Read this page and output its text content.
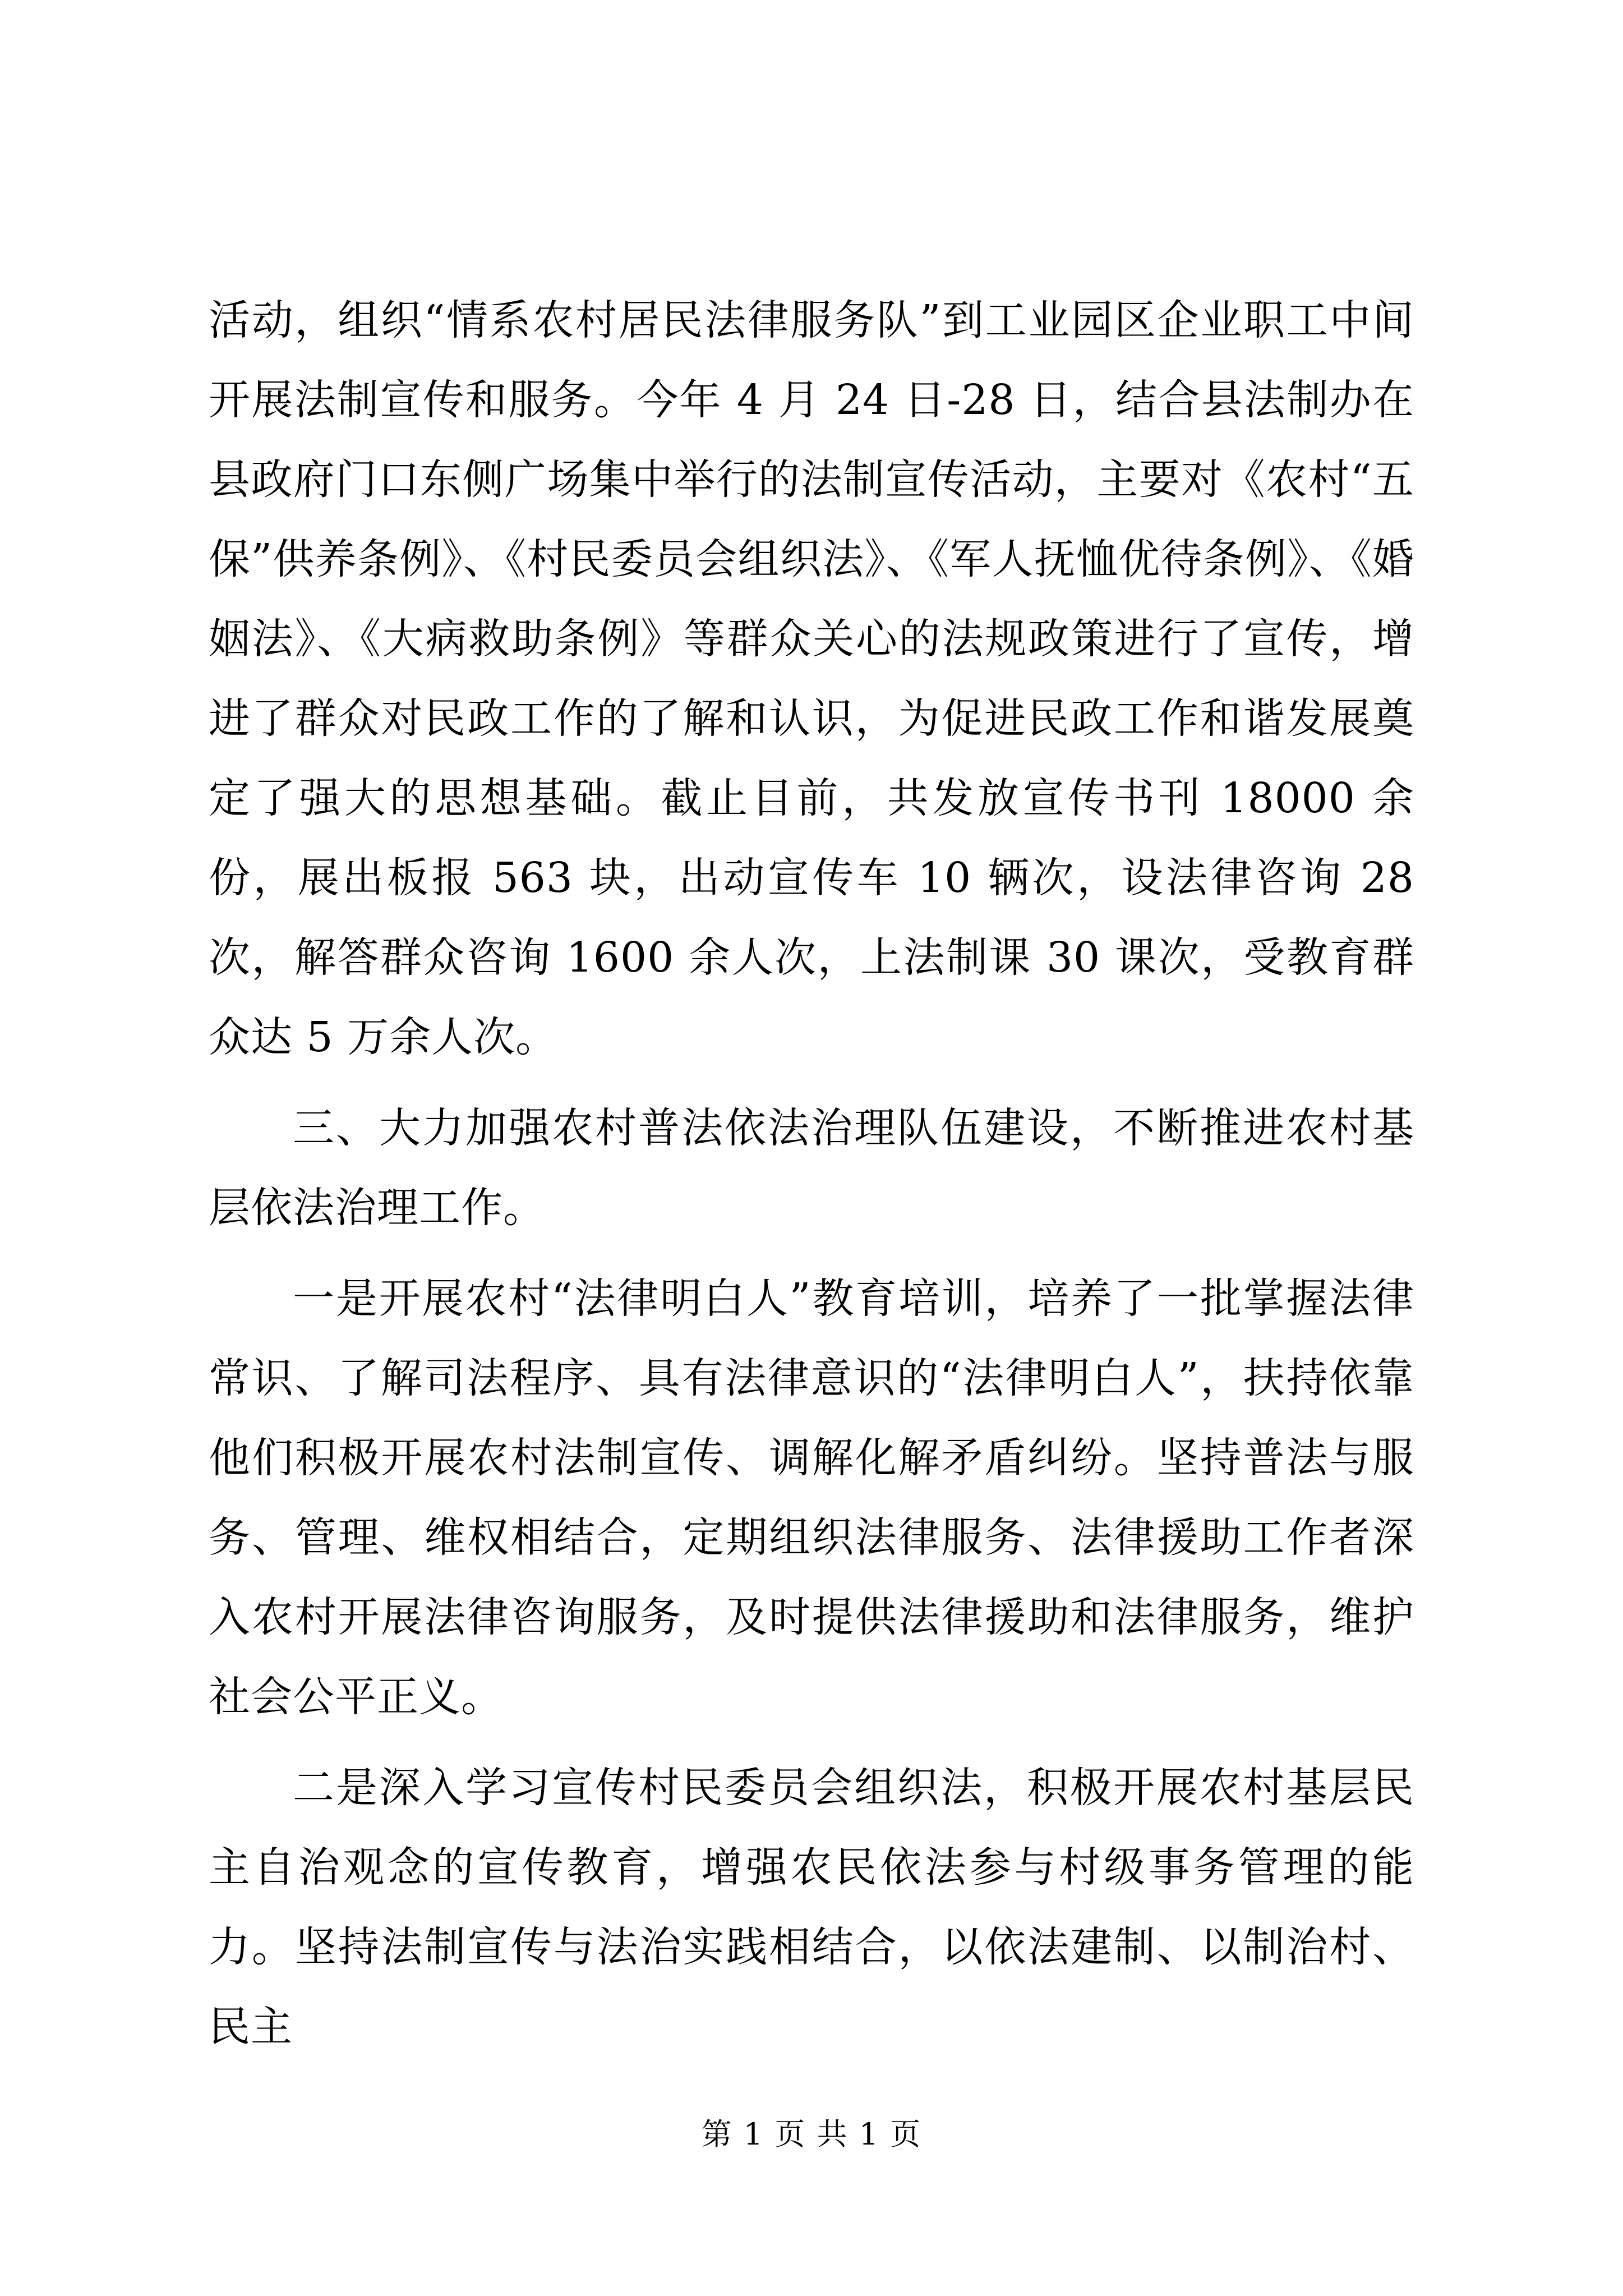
活动，组织“情系农村居民法律服务队”到工业园区企业职工中间开展法制宣传和服务。今年 4 月 24 日-28 日，结合县法制办在县政府门口东侧广场集中举行的法制宣传活动，主要对《农村“五保”供养条例》、《村民委员会组织法》、《军人抚恤优待条例》、《婚姻法》、《大病救助条例》等群众关心的法规政策进行了宣传，增进了群众对民政工作的了解和认识，为促进民政工作和谐发展奠定了强大的思想基础。截止目前，共发放宣传书刊 18000 余份，展出板报 563 块，出动宣传车 10 辆次，设法律咨询 28 次，解答群众咨询 1600 余人次，上法制课 30 课次，受教育群众达 5 万余人次。

三、大力加强农村普法依法治理队伍建设，不断推进农村基层依法治理工作。

一是开展农村“法律明白人”教育培训，培养了一批掌握法律常识、了解司法程序、具有法律意识的“法律明白人”，扶持依靠他们积极开展农村法制宣传、调解化解矛盾纠纷。坚持普法与服务、管理、维权相结合，定期组织法律服务、法律援助工作者深入农村开展法律咨询服务，及时提供法律援助和法律服务，维护社会公平正义。

二是深入学习宣传村民委员会组织法，积极开展农村基层民主自治观念的宣传教育，增强农民依法参与村级事务管理的能力。坚持法制宣传与法治实践相结合，以依法建制、以制治村、民主

第 1 页 共 1 页
